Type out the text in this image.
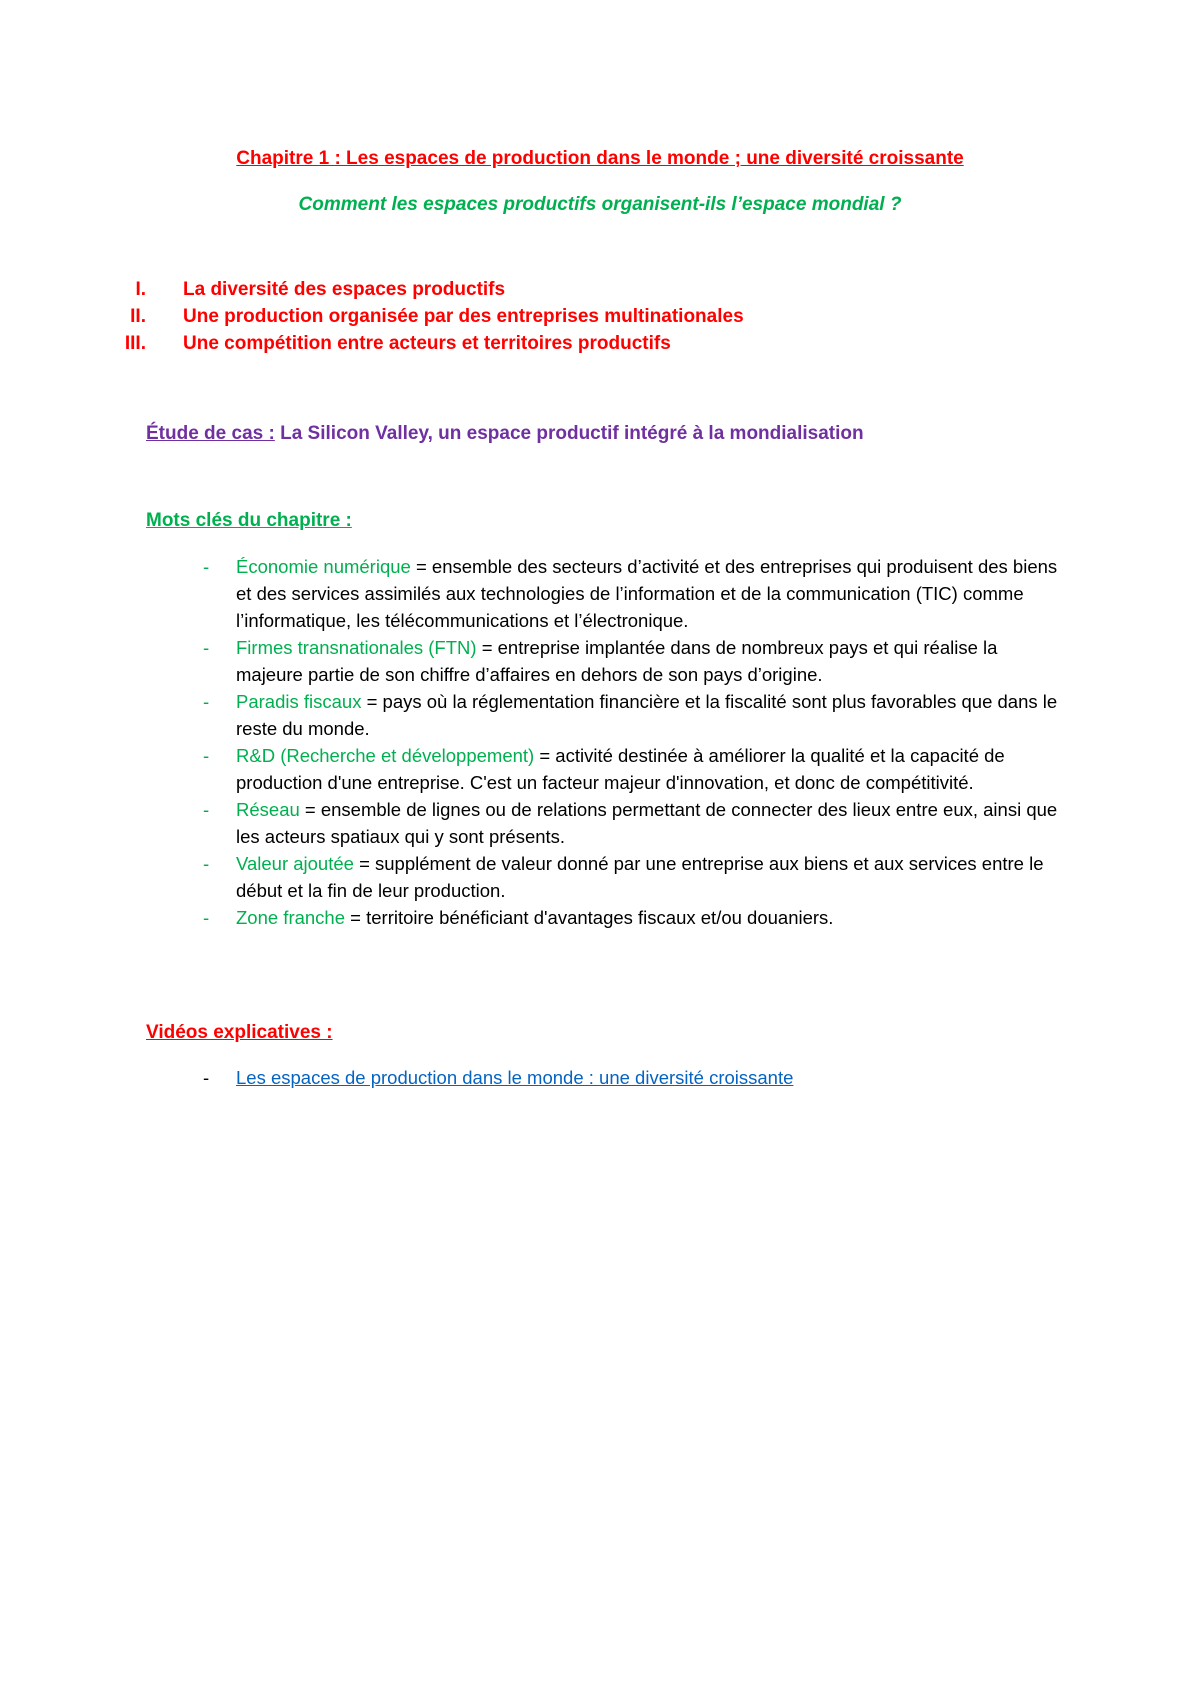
Chapitre 1 : Les espaces de production dans le monde ; une diversité croissante
Comment les espaces productifs organisent-ils l’espace mondial ?
I. La diversité des espaces productifs
II. Une production organisée par des entreprises multinationales
III. Une compétition entre acteurs et territoires productifs
Étude de cas : La Silicon Valley, un espace productif intégré à la mondialisation
Mots clés du chapitre :
- Économie numérique = ensemble des secteurs d’activité et des entreprises qui produisent des biens et des services assimilés aux technologies de l’information et de la communication (TIC) comme l’informatique, les télécommunications et l’électronique.
- Firmes transnationales (FTN) = entreprise implantée dans de nombreux pays et qui réalise la majeure partie de son chiffre d’affaires en dehors de son pays d’origine.
- Paradis fiscaux = pays où la réglementation financière et la fiscalité sont plus favorables que dans le reste du monde.
- R&D (Recherche et développement) = activité destinée à améliorer la qualité et la capacité de production d'une entreprise. C'est un facteur majeur d'innovation, et donc de compétitivité.
- Réseau = ensemble de lignes ou de relations permettant de connecter des lieux entre eux, ainsi que les acteurs spatiaux qui y sont présents.
- Valeur ajoutée = supplément de valeur donné par une entreprise aux biens et aux services entre le début et la fin de leur production.
- Zone franche = territoire bénéficiant d'avantages fiscaux et/ou douaniers.
Vidéos explicatives :
- Les espaces de production dans le monde : une diversité croissante
